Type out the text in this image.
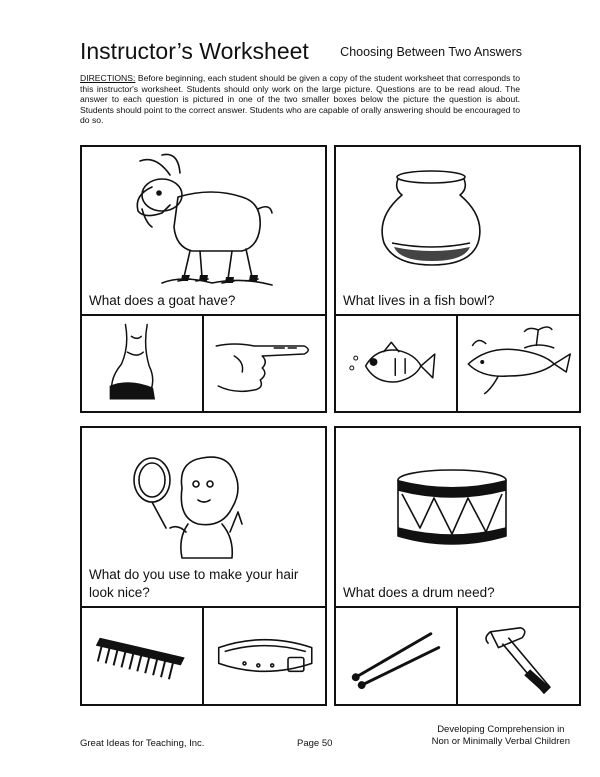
Instructor’s Worksheet	Choosing Between Two Answers
DIRECTIONS: Before beginning, each student should be given a copy of the student worksheet that corresponds to this instructor's worksheet. Students should only work on the large picture. Questions are to be read aloud. The answer to each question is pictured in one of the two smaller boxes below the picture the question is about. Students should point to the correct answer. Students who are capable of orally answering should be encouraged to do so.
What does a goat have?	What lives in a fish bowl?
What do you use to make your hair look nice?	What does a drum need?
Great Ideas for Teaching, Inc.	Page 50
Developing Comprehension in
Non or Minimally Verbal Children
